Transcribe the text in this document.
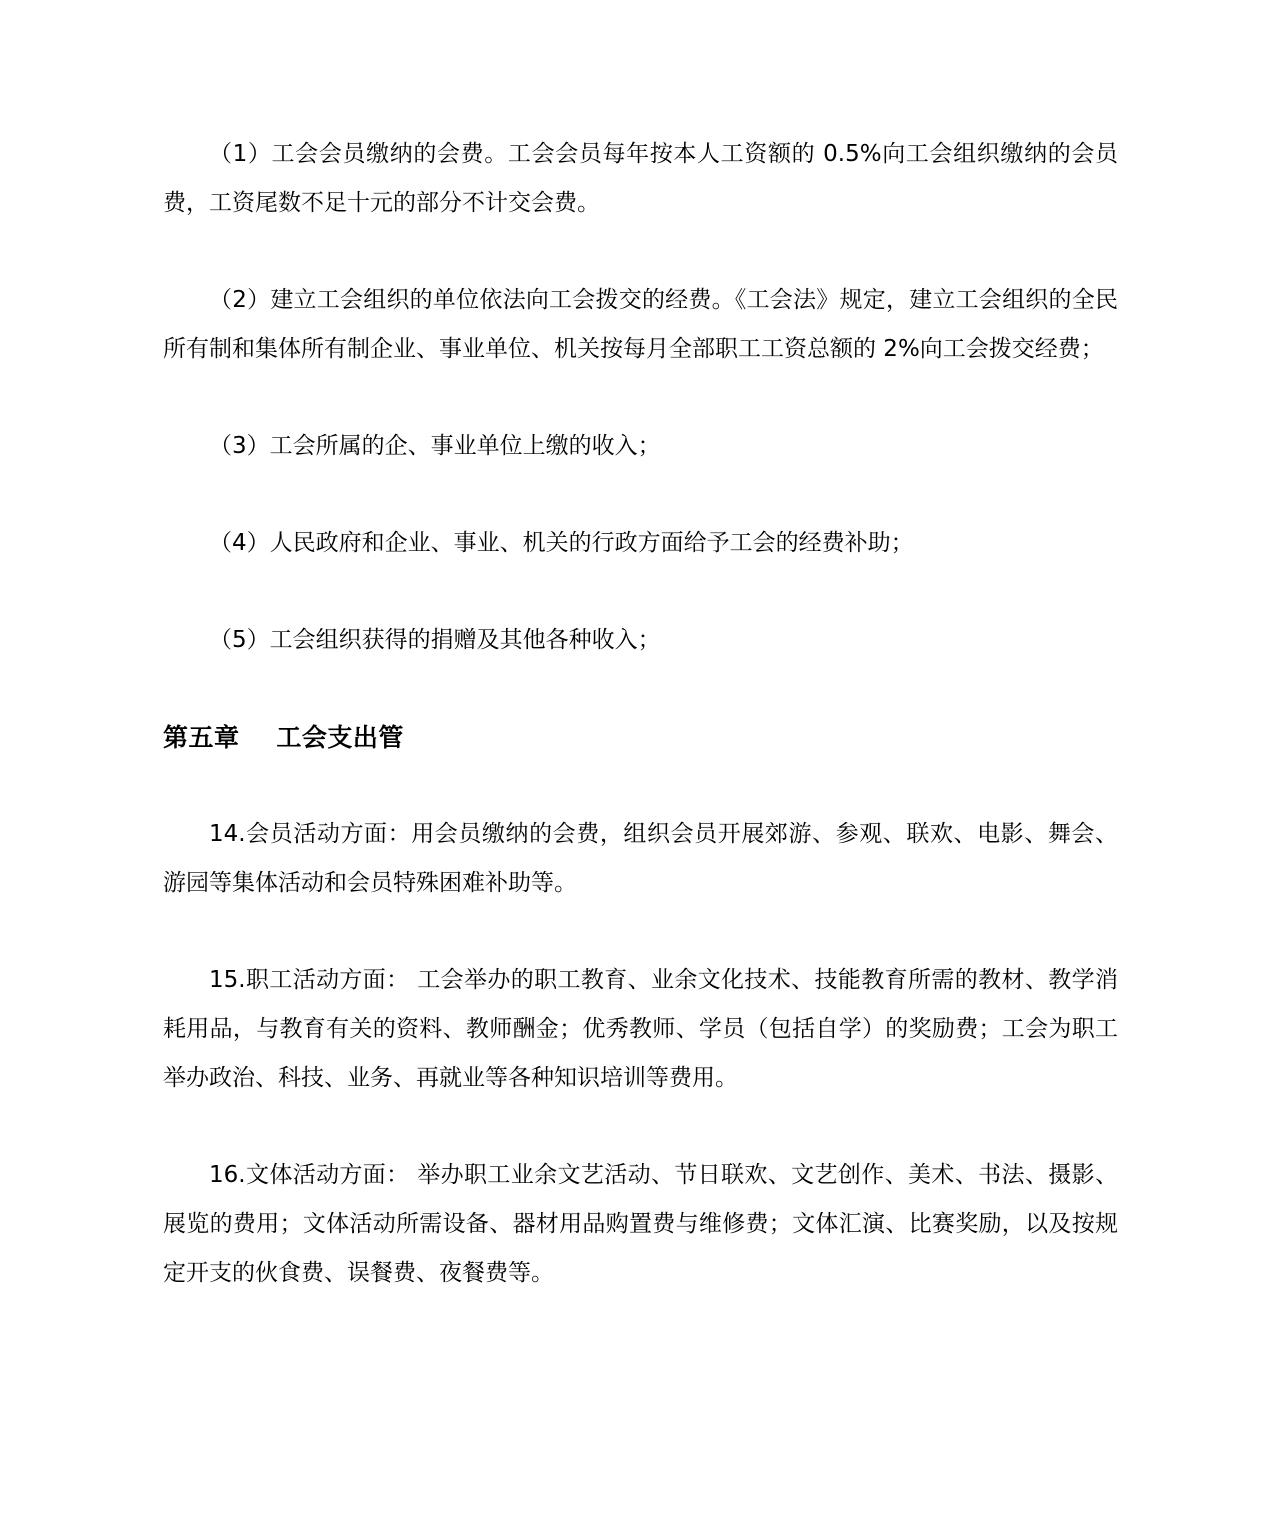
（1）工会会员缴纳的会费。工会会员每年按本人工资额的 0.5%向工会组织缴纳的会员费，工资尾数不足十元的部分不计交会费。

（2）建立工会组织的单位依法向工会拨交的经费。《工会法》规定，建立工会组织的全民所有制和集体所有制企业、事业单位、机关按每月全部职工工资总额的 2%向工会拨交经费；

（3）工会所属的企、事业单位上缴的收入；

（4）人民政府和企业、事业、机关的行政方面给予工会的经费补助；

（5）工会组织获得的捐赠及其他各种收入；

第五章    工会支出管

14.会员活动方面：用会员缴纳的会费，组织会员开展郊游、参观、联欢、电影、舞会、游园等集体活动和会员特殊困难补助等。

15.职工活动方面： 工会举办的职工教育、业余文化技术、技能教育所需的教材、教学消耗用品，与教育有关的资料、教师酬金；优秀教师、学员（包括自学）的奖励费；工会为职工举办政治、科技、业务、再就业等各种知识培训等费用。

16.文体活动方面： 举办职工业余文艺活动、节日联欢、文艺创作、美术、书法、摄影、展览的费用；文体活动所需设备、器材用品购置费与维修费；文体汇演、比赛奖励，以及按规定开支的伙食费、误餐费、夜餐费等。
